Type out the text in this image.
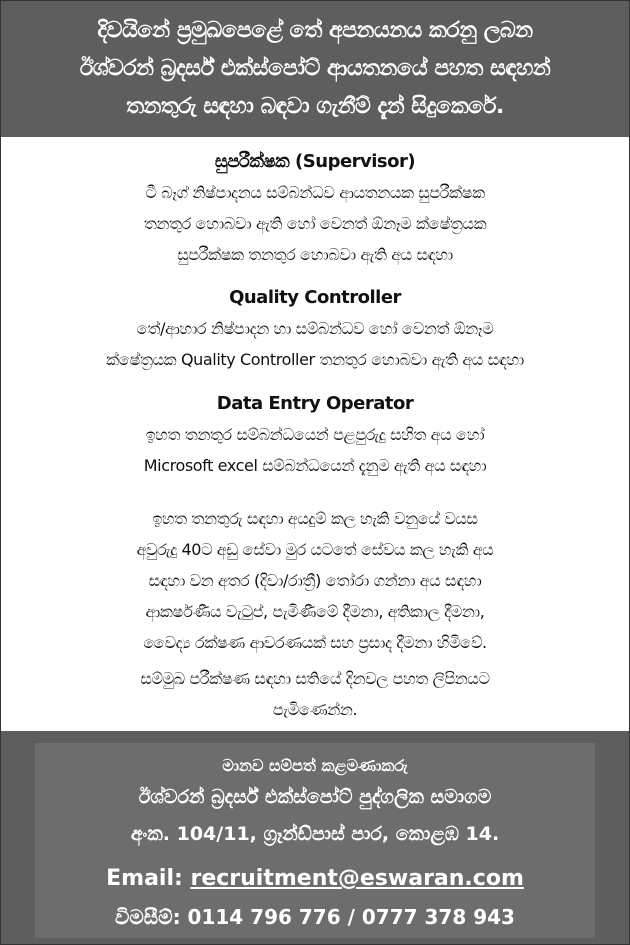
දිවයිනේ ප්‍රමුඛපෙළේ තේ අපනයනය කරනු ලබන
ඊශ්වරන් බ්‍රදර්ස් එක්ස්පෝට් ආයතනයේ පහත සඳහන්
තනතුරු සඳහා බඳවා ගැනීම් දැන් සිදුකෙරේ.
සුපරීක්ෂක (Supervisor)
ටී බෑග් නිෂ්පාදනය සම්බන්ධව ආයතනයක සුපරීක්ෂක
තනතුර හොබවා ඇති හෝ වෙනත් ඕනෑම ක්ෂේත්‍රයක
සුපරීක්ෂක තනතුර හොබවා ඇති අය සඳහා
Quality Controller
තේ/ආහාර නිෂ්පාදන හා සම්බන්ධව හෝ වෙනත් ඕනෑම
ක්ෂේත්‍රයක Quality Controller තනතුර හොබවා ඇති අය සඳහා
Data Entry Operator
ඉහත තනතුර සම්බන්ධයෙන් පළපුරුදු සහිත අය හෝ
Microsoft excel සම්බන්ධයෙන් දැනුම ඇති අය සඳහා
ඉහත තනතුරු සඳහා අයදුම් කල හැකි වනුයේ වයස
අවුරුදු 40ට අඩු සේවා මුර යටතේ සේවය කල හැකි අය
සඳහා වන අතර (දිවා/රාත්‍රී) තෝරා ගන්නා අය සඳහා
ආකර්ෂණීය වැටුප්, පැමිණීමේ දීමනා, අතිකාල දීමනා,
වෛද්‍ය රක්ෂණ ආවරණයක් සහ ප්‍රසාද දීමනා හිමිවේ.
සම්මුඛ පරීක්ෂණ සඳහා සතියේ දිනවල පහත ලිපිනයට
පැමිණෙන්න.
මානව සම්පත් කළමණාකරු
ඊශ්වරන් බ්‍රදර්ස් එක්ස්පෝට් පුද්ගලික සමාගම
අංක. 104/11, ග්‍රෑන්ඩ්පාස් පාර, කොළඹ 14.
Email: recruitment@eswaran.com
විමසීම්: 0114 796 776 / 0777 378 943
